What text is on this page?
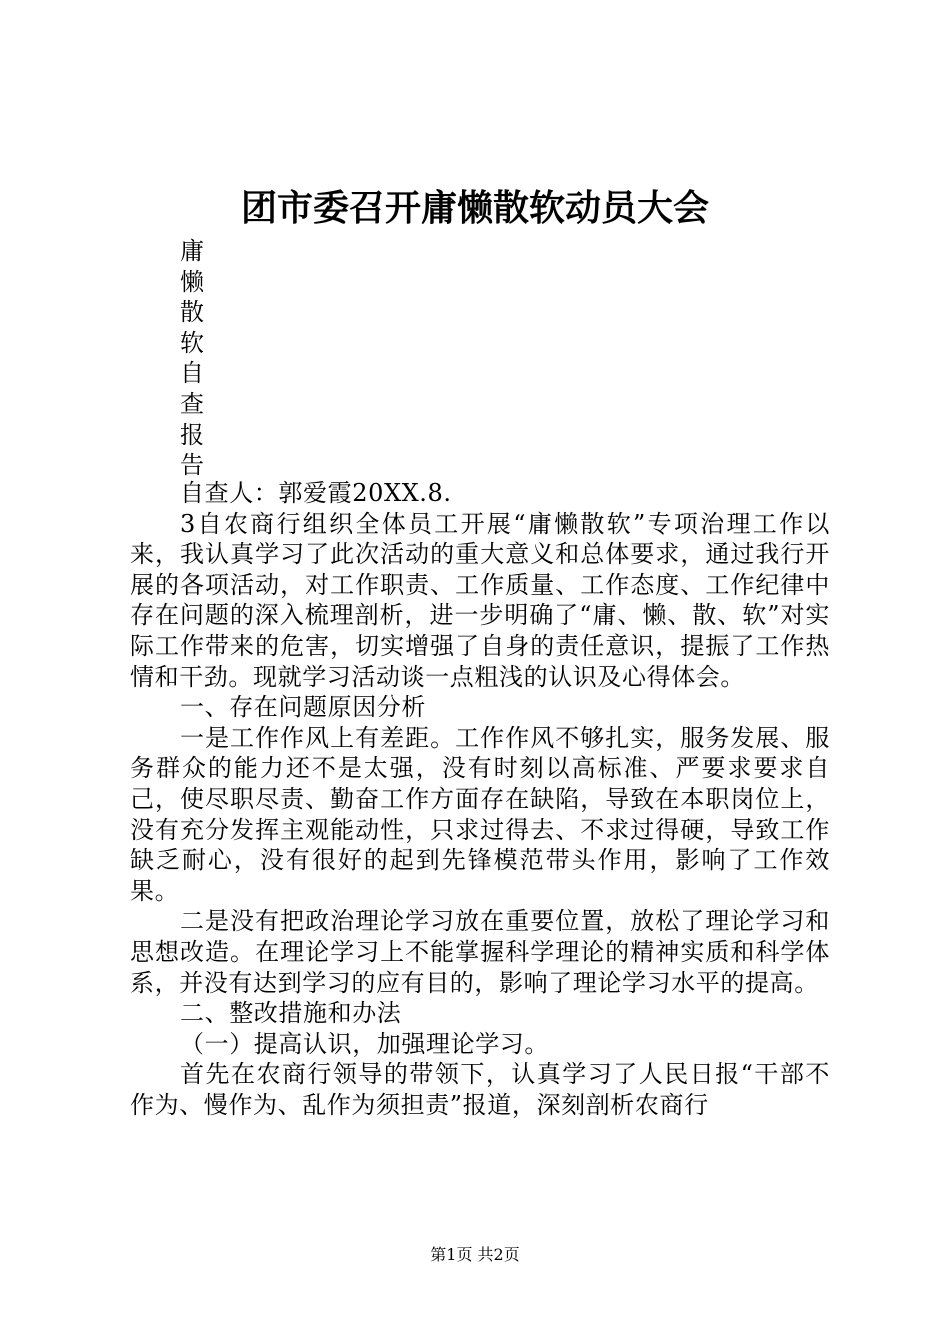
团市委召开庸懒散软动员大会
庸
懒
散
软
自
查
报
告

自查人：郭爱霞20XX.8.

3自农商行组织全体员工开展“庸懒散软”专项治理工作以来，我认真学习了此次活动的重大意义和总体要求，通过我行开展的各项活动，对工作职责、工作质量、工作态度、工作纪律中存在问题的深入梳理剖析，进一步明确了“庸、懒、散、软”对实际工作带来的危害，切实增强了自身的责任意识，提振了工作热情和干劲。现就学习活动谈一点粗浅的认识及心得体会。

一、存在问题原因分析

一是工作作风上有差距。工作作风不够扎实，服务发展、服务群众的能力还不是太强，没有时刻以高标准、严要求要求自己，使尽职尽责、勤奋工作方面存在缺陷，导致在本职岗位上，没有充分发挥主观能动性，只求过得去、不求过得硬，导致工作缺乏耐心，没有很好的起到先锋模范带头作用，影响了工作效果。

二是没有把政治理论学习放在重要位置，放松了理论学习和思想改造。在理论学习上不能掌握科学理论的精神实质和科学体系，并没有达到学习的应有目的，影响了理论学习水平的提高。

二、整改措施和办法

（一）提高认识，加强理论学习。

首先在农商行领导的带领下，认真学习了人民日报“干部不作为、慢作为、乱作为须担责”报道，深刻剖析农商行

第1页 共2页
